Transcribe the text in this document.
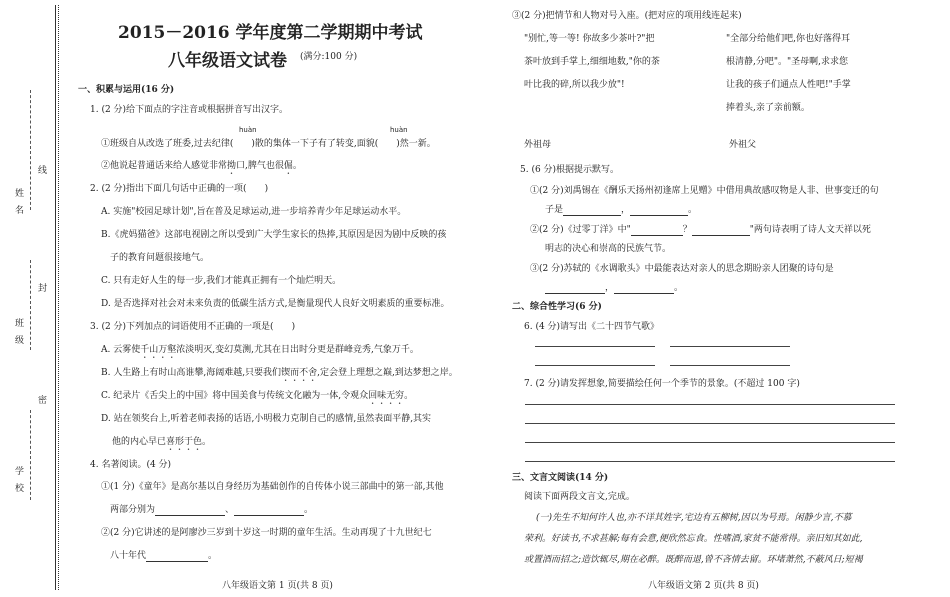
姓名
班级
学校
线
封
密
2015－2016 学年度第二学期期中考试
八年级语文试卷 (满分:100 分)
一、积累与运用(16 分)
1. (2 分)给下面点的字注音或根据拼音写出汉字。
huàn	huàn
①班级自从改选了班委,过去纪律( )散的集体一下子有了转变,面貌( )然一新。
②他说起普通话来给人感觉非常拗口,脾气也很倔。
2. (2 分)指出下面几句话中正确的一项(　　)
A. 实施"校园足球计划",旨在普及足球运动,进一步培养青少年足球运动水平。
B.《虎妈猫爸》这部电视剧之所以受到广大学生家长的热捧,其原因是因为剧中反映的孩
子的教育问题很接地气。
C. 只有走好人生的每一步,我们才能真正拥有一个灿烂明天。
D. 是否选择对社会对未来负责的低碳生活方式,是衡量现代人良好文明素质的重要标准。
3. (2 分)下列加点的词语使用不正确的一项是(　　)
A. 云雾使千山万壑浓淡明灭,变幻莫测,尤其在日出时分更是群峰竞秀,气象万千。
B. 人生路上有时山高谁攀,海阔难越,只要我们锲而不舍,定会登上理想之巅,到达梦想之岸。
C. 纪录片《舌尖上的中国》将中国美食与传统文化融为一体,令观众回味无穷。
D. 站在领奖台上,听着老师表扬的话语,小明极力克制自己的感情,虽然表面平静,其实
他的内心早已喜形于色。
4. 名著阅读。(4 分)
①(1 分)《童年》是高尔基以自身经历为基础创作的自传体小说三部曲中的第一部,其他
两部分别为	、	。
②(2 分)它讲述的是阿廖沙三岁到十岁这一时期的童年生活。生动再现了十九世纪七
八十年代	。
八年级语文第 1 页(共 8 页)
③(2 分)把情节和人物对号入座。(把对应的项用线连起来)
"别忙,等一等! 你故多少茶叶?"把
茶叶放到手掌上,细细地数,"你的茶
叶比我的碎,所以我少放"!
"全部分给他们吧,你也好落得耳
根清静,分吧"。"圣母啊,求求您
让我的孩子们通点人性吧!"手掌
捧着头,亲了亲前额。
外祖母	外祖父
5. (6 分)根据提示默写。
①(2 分)刘禹锡在《酬乐天扬州初逢席上见赠》中借用典故感叹物是人非、世事变迁的句
子是	，	。
②(2 分)《过零丁洋》中"	？	"两句诗表明了诗人文天祥以死
明志的决心和崇高的民族气节。
③(2 分)苏轼的《水调歌头》中最能表达对亲人的思念期盼亲人团聚的诗句是
，	。
二、综合性学习(6 分)
6. (4 分)请写出《二十四节气歌》
7. (2 分)请发挥想象,简要描绘任何一个季节的景象。(不超过 100 字)
三、文言文阅读(14 分)
阅读下面两段文言文,完成。
(一)先生不知何许人也,亦不详其姓字,宅边有五柳树,因以为号焉。闲静少言,不慕
荣利。好读书,不求甚解;每有会意,便欣然忘食。性嗜酒,家贫不能常得。亲旧知其如此,
或置酒而招之;造饮辄尽,期在必醉。既醉而退,曾不吝情去留。环堵萧然,不蔽风日;短褐
八年级语文第 2 页(共 8 页)
